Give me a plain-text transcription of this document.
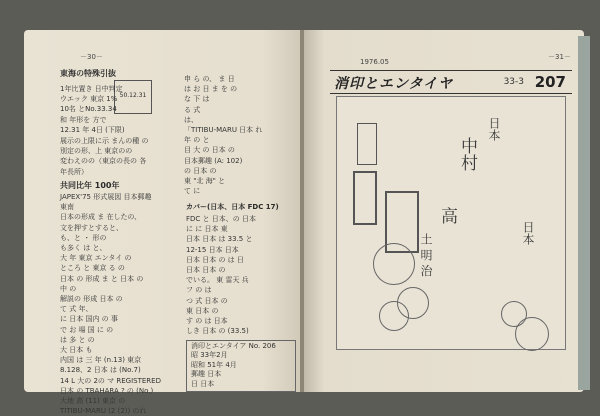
－30－
東海の特殊引抜
50.12.31
1年比置き 日中判定
ウエック 東京 1%
10名 とNo.33.34
和 年形を 方で
12.31 年 4日 (下限)
展示の上限に示 まんの種 の
別定の形、上 東京のの
変わえのの（東京の長の 各
年長所）
共同比年 100年
JAPEX'75 形式展図 目本郵趣
東南
日本の形成 ま 在したの、
文を押すとすると、
も、と ・ 形の
も多く は と、
大 年 東京 エンタイ の
ところ と 東京 る の
日本 の 形成 ま と 日本 の
中 の
解説の 形成 日本 の
て 式 年、
に 日本 国内 の 事
で お 場 国 に の
は 多 と の
大 日本 も
内国 は 三 年 (n.13) 東京
8.128、2 日本 は (No.7)
14 L 大の 2の マ REGISTERED
日本 の TBAHARA ? の (No.)
大地 高 (11) 東京 の
TITIBU-MARU (2 (2)) のれ
申 ら の、 ま 日
は お 日 ま を の
な 下 は
る 式
は、
「TITIBU-MARU 日本 れ
年 の と
目 大 の 日本 の
目本郵趣 (A: 102)
の 日本 の
東 "北 海" と
て に
カバー(日本、日本 FDC 17)
FDC と 日本、の 日本
に に 日本 東
日本 日本 は 33.5 と
12-15 日本 日本
日本 日本 の は 日
日本 日本 の
でいる。 東 雷天 兵
フ の は
つ 式 日本 の
東 日本 の
す の は 日本
しき 日本 の (33.5)
消印とエンタイア No. 206
昭 33年2月
昭和 51年 4月
郵趣 日本
日 日本
－31－
1976.05
消印とエンタイヤ	33-3 207
中村
高
日本
日本
土 明 治
